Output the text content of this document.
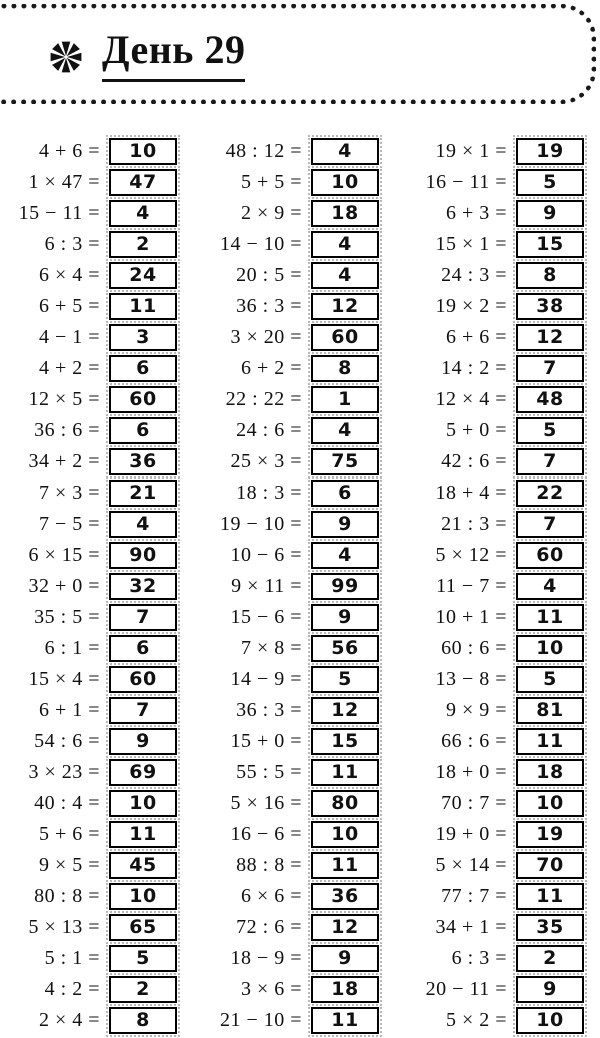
День 29
4 + 6 = 10
1 × 47 = 47
15 − 11 = 4
6 : 3 = 2
6 × 4 = 24
6 + 5 = 11
4 − 1 = 3
4 + 2 = 6
12 × 5 = 60
36 : 6 = 6
34 + 2 = 36
7 × 3 = 21
7 − 5 = 4
6 × 15 = 90
32 + 0 = 32
35 : 5 = 7
6 : 1 = 6
15 × 4 = 60
6 + 1 = 7
54 : 6 = 9
3 × 23 = 69
40 : 4 = 10
5 + 6 = 11
9 × 5 = 45
80 : 8 = 10
5 × 13 = 65
5 : 1 = 5
4 : 2 = 2
2 × 4 = 8
48 : 12 = 4
5 + 5 = 10
2 × 9 = 18
14 − 10 = 4
20 : 5 = 4
36 : 3 = 12
3 × 20 = 60
6 + 2 = 8
22 : 22 = 1
24 : 6 = 4
25 × 3 = 75
18 : 3 = 6
19 − 10 = 9
10 − 6 = 4
9 × 11 = 99
15 − 6 = 9
7 × 8 = 56
14 − 9 = 5
36 : 3 = 12
15 + 0 = 15
55 : 5 = 11
5 × 16 = 80
16 − 6 = 10
88 : 8 = 11
6 × 6 = 36
72 : 6 = 12
18 − 9 = 9
3 × 6 = 18
21 − 10 = 11
19 × 1 = 19
16 − 11 = 5
6 + 3 = 9
15 × 1 = 15
24 : 3 = 8
19 × 2 = 38
6 + 6 = 12
14 : 2 = 7
12 × 4 = 48
5 + 0 = 5
42 : 6 = 7
18 + 4 = 22
21 : 3 = 7
5 × 12 = 60
11 − 7 = 4
10 + 1 = 11
60 : 6 = 10
13 − 8 = 5
9 × 9 = 81
66 : 6 = 11
18 + 0 = 18
70 : 7 = 10
19 + 0 = 19
5 × 14 = 70
77 : 7 = 11
34 + 1 = 35
6 : 3 = 2
20 − 11 = 9
5 × 2 = 10
